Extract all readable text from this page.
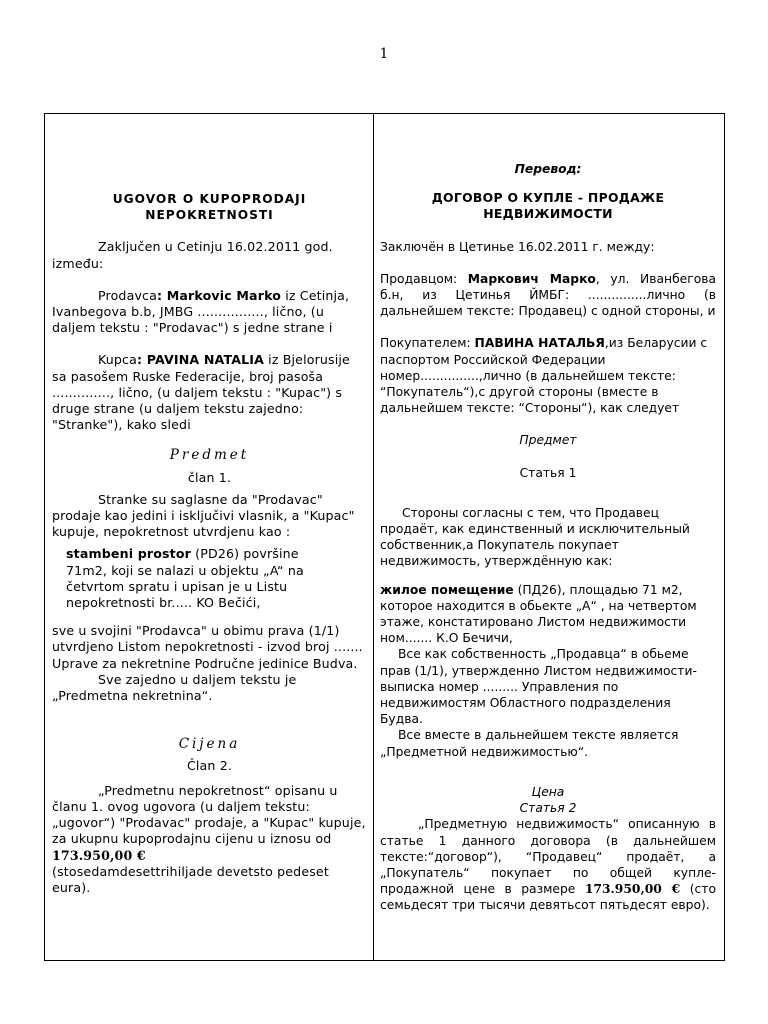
1

UGOVOR O KUPOPRODAJI

NEPOKRETNOSTI

Zaključen u Cetinju 16.02.2011 god. između:

Prodavca: Markovic Marko iz Cetinja, Ivanbegova b.b, JMBG ................, lično, (u daljem tekstu : "Prodavac") s jedne strane i

Kupca: PAVINA NATALIA iz Bjelorusije sa pasošem Ruske Federacije, broj pasoša .............., lično, (u daljem tekstu : "Kupac") s druge strane (u daljem tekstu zajedno: "Stranke"), kako sledi

Predmet

član 1.

Stranke su saglasne da "Prodavac" prodaje kao jedini i isključivi vlasnik, a "Kupac" kupuje, nepokretnost utvrdjenu kao :

stambeni prostor (PD26) površine 71m2, koji se nalazi u objektu „A“ na četvrtom spratu i upisan je u Listu nepokretnosti br..... KO Bečići,

sve u svojini "Prodavca" u obimu prava (1/1) utvrdjeno Listom nepokretnosti - izvod broj ....... Uprave za nekretnine Područne jedinice Budva.

Sve zajedno u daljem tekstu je „Predmetna nekretnina“.

Cijena

Član 2.

„Predmetnu nepokretnost“ opisanu u članu 1. ovog ugovora (u daljem tekstu: „ugovor“) "Prodavac" prodaje, a "Kupac" kupuje, za ukupnu kupoprodajnu cijenu u iznosu od 173.950,00 €

(stosedamdesettrihiljade devetsto pedeset eura).

Перевод:

ДОГОВОР О КУПЛЕ - ПРОДАЖЕ

НЕДВИЖИМОСТИ

Заключён в Цетинье 16.02.2011 г. между:

Продавцом: Маркович Марко, ул. Иванбегова б.н, из Цетинья ЙМБГ: ...............лично (в дальнейшем тексте: Продавец) с одной стороны, и

Покупателем: ПАВИНА НАТАЛЬЯ,из Беларусии с паспортом Российской Федерации номер...............,лично (в дальнейшем тексте: “Покупатель“),с другой стороны (вместе в дальнейшем тексте: “Стороны“), как следует

Предмет

Статья 1

Стороны согласны с тем, что Продавец продаёт, как единственный и исключительный собственник,а Покупатель покупает недвижимость, утверждённую как:

жилое помещение (ПД26), площадью 71 м2, которое находится в обьекте „А“ , на четвертом этаже, констатировано Листом недвижимости ном....... К.О Бечичи,

Все как собственность „Продавца“ в обьеме прав (1/1), утвержденно Листом недвижимости-выписка номер ......... Управления по недвижимостям Областного подразделения Будва.

Все вместе в дальнейшем тексте является „Предметной недвижимостью“.

Цена

Статья 2

„Предметную недвижимость“ описанную в статье 1 данного договора (в дальнейшем тексте:“договор“), “Продавец“ продаёт, а „Покупатель“ покупает по общей купле-продажной цене в размере 173.950,00 € (сто семьдесят три тысячи девятьсот пятьдесят евро).
